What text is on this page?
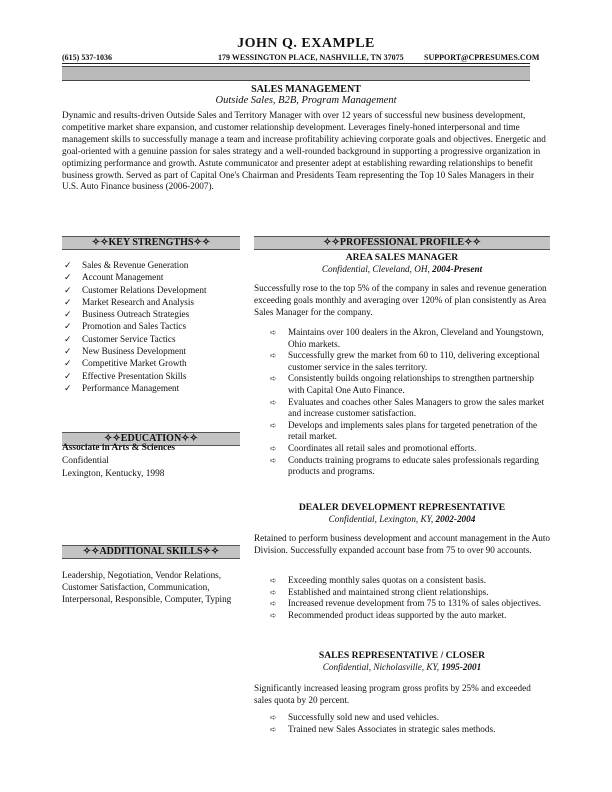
JOHN Q. EXAMPLE
(615) 537-1036	179 WESSINGTON PLACE, NASHVILLE, TN 37075	SUPPORT@CPRESUMES.COM
SALES MANAGEMENT
Outside Sales, B2B, Program Management
Dynamic and results-driven Outside Sales and Territory Manager with over 12 years of successful new business development, competitive market share expansion, and customer relationship development. Leverages finely-honed interpersonal and time management skills to successfully manage a team and increase profitability achieving corporate goals and objectives. Energetic and goal-oriented with a genuine passion for sales strategy and a well-rounded background in supporting a progressive organization in optimizing performance and growth. Astute communicator and presenter adept at establishing rewarding relationships to benefit business growth. Served as part of Capital One's Chairman and Presidents Team representing the Top 10 Sales Managers in their U.S. Auto Finance business (2006-2007).
✧✧KEY STRENGTHS✧✧
✓ Sales & Revenue Generation
✓ Account Management
✓ Customer Relations Development
✓ Market Research and Analysis
✓ Business Outreach Strategies
✓ Promotion and Sales Tactics
✓ Customer Service Tactics
✓ New Business Development
✓ Competitive Market Growth
✓ Effective Presentation Skills
✓ Performance Management
✧✧EDUCATION✧✧
Associate in Arts & Sciences
Confidential
Lexington, Kentucky, 1998
✧✧ADDITIONAL SKILLS✧✧
Leadership, Negotiation, Vendor Relations, Customer Satisfaction, Communication, Interpersonal, Responsible, Computer, Typing
✧✧PROFESSIONAL PROFILE✧✧
AREA SALES MANAGER
Confidential, Cleveland, OH, 2004-Present
Successfully rose to the top 5% of the company in sales and revenue generation exceeding goals monthly and averaging over 120% of plan consistently as Area Sales Manager for the company.
➪ Maintains over 100 dealers in the Akron, Cleveland and Youngstown, Ohio markets.
➪ Successfully grew the market from 60 to 110, delivering exceptional customer service in the sales territory.
➪ Consistently builds ongoing relationships to strengthen partnership with Capital One Auto Finance.
➪ Evaluates and coaches other Sales Managers to grow the sales market and increase customer satisfaction.
➪ Develops and implements sales plans for targeted penetration of the retail market.
➪ Coordinates all retail sales and promotional efforts.
➪ Conducts training programs to educate sales professionals regarding products and programs.
DEALER DEVELOPMENT REPRESENTATIVE
Confidential, Lexington, KY, 2002-2004
Retained to perform business development and account management in the Auto Division. Successfully expanded account base from 75 to over 90 accounts.
➪ Exceeding monthly sales quotas on a consistent basis.
➪ Established and maintained strong client relationships.
➪ Increased revenue development from 75 to 131% of sales objectives.
➪ Recommended product ideas supported by the auto market.
SALES REPRESENTATIVE / CLOSER
Confidential, Nicholasville, KY, 1995-2001
Significantly increased leasing program gross profits by 25% and exceeded sales quota by 20 percent.
➪ Successfully sold new and used vehicles.
➪ Trained new Sales Associates in strategic sales methods.
